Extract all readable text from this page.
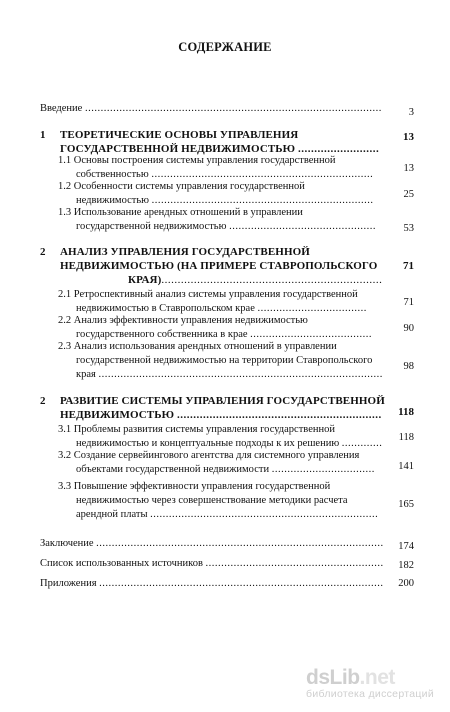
СОДЕРЖАНИЕ
Введение ...............................................................................................	3
1 ТЕОРЕТИЧЕСКИЕ ОСНОВЫ УПРАВЛЕНИЯ
ГОСУДАРСТВЕННОЙ НЕДВИЖИМОСТЬЮ .........................
13
1.1 Основы построения системы управления государственной
собственностью .......................................................................
13
1.2 Особенности системы управления государственной
недвижимостью .......................................................................
25
1.3 Использование арендных отношений в управлении
государственной недвижимостью ...............................................	53
2 АНАЛИЗ УПРАВЛЕНИЯ ГОСУДАРСТВЕННОЙ
НЕДВИЖИМОСТЬЮ (НА ПРИМЕРЕ СТАВРОПОЛЬСКОГО 71
КРАЯ)....................................................................
2.1 Ретроспективный анализ системы управления государственной
недвижимостью в Ставропольском крае ...................................
71
2.2 Анализ эффективности управления недвижимостью
государственного собственника в крае .......................................
90
2.3 Анализ использования арендных отношений в управлении
государственной недвижимостью на территории Ставропольского
края ...........................................................................................
98
2 РАЗВИТИЕ СИСТЕМЫ УПРАВЛЕНИЯ ГОСУДАРСТВЕННОЙ
НЕДВИЖИМОСТЬЮ ............................................................... 118
3.1 Проблемы развития системы управления государственной
недвижимостью и концептуальные подходы к их решению .............
118
3.2 Создание сервейингового агентства для системного управления
объектами государственной недвижимости ................................. 141
3.3 Повышение эффективности управления государственной
недвижимостью через совершенствование методики расчета
арендной платы .........................................................................
165
Заключение ............................................................................................ 174
Список использованных источников ......................................................... 182
Приложения ........................................................................................... 200
dsLib.net
библиотека диссертаций
